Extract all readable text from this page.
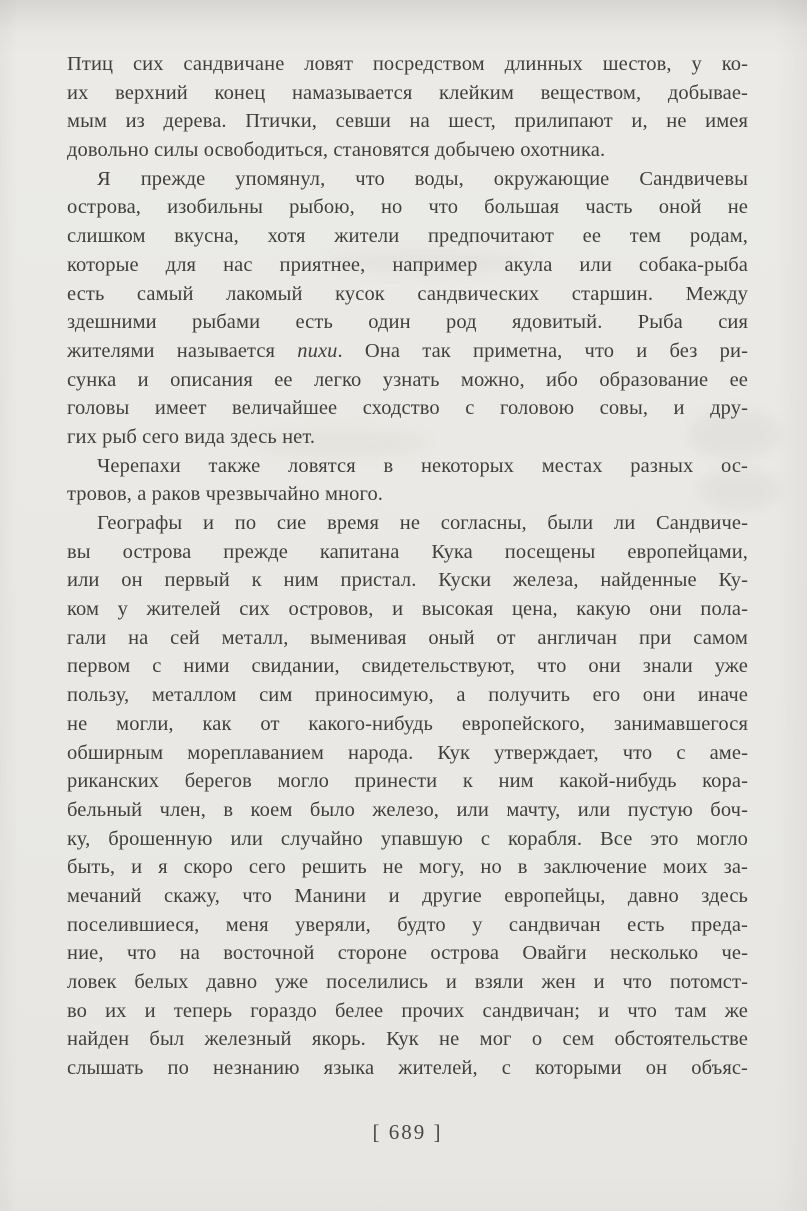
Птиц сих сандвичане ловят посредством длинных шестов, у ко-
их верхний конец намазывается клейким веществом, добывае-
мым из дерева. Птички, севши на шест, прилипают и, не имея
довольно силы освободиться, становятся добычею охотника.
Я прежде упомянул, что воды, окружающие Сандвичевы
острова, изобильны рыбою, но что большая часть оной не
слишком вкусна, хотя жители предпочитают ее тем родам,
которые для нас приятнее, например акула или собака-рыба
есть самый лакомый кусок сандвических старшин. Между
здешними рыбами есть один род ядовитый. Рыба сия
жителями называется пихи. Она так приметна, что и без ри-
сунка и описания ее легко узнать можно, ибо образование ее
головы имеет величайшее сходство с головою совы, и дру-
гих рыб сего вида здесь нет.
Черепахи также ловятся в некоторых местах разных ос-
тровов, а раков чрезвычайно много.
Географы и по сие время не согласны, были ли Сандвиче-
вы острова прежде капитана Кука посещены европейцами,
или он первый к ним пристал. Куски железа, найденные Ку-
ком у жителей сих островов, и высокая цена, какую они пола-
гали на сей металл, выменивая оный от англичан при самом
первом с ними свидании, свидетельствуют, что они знали уже
пользу, металлом сим приносимую, а получить его они иначе
не могли, как от какого-нибудь европейского, занимавшегося
обширным мореплаванием народа. Кук утверждает, что с аме-
риканских берегов могло принести к ним какой-нибудь кора-
бельный член, в коем было железо, или мачту, или пустую боч-
ку, брошенную или случайно упавшую с корабля. Все это могло
быть, и я скоро сего решить не могу, но в заключение моих за-
мечаний скажу, что Манини и другие европейцы, давно здесь
поселившиеся, меня уверяли, будто у сандвичан есть преда-
ние, что на восточной стороне острова Овайги несколько че-
ловек белых давно уже поселились и взяли жен и что потомст-
во их и теперь гораздо белее прочих сандвичан; и что там же
найден был железный якорь. Кук не мог о сем обстоятельстве
слышать по незнанию языка жителей, с которыми он объяс-
[ 689 ]
